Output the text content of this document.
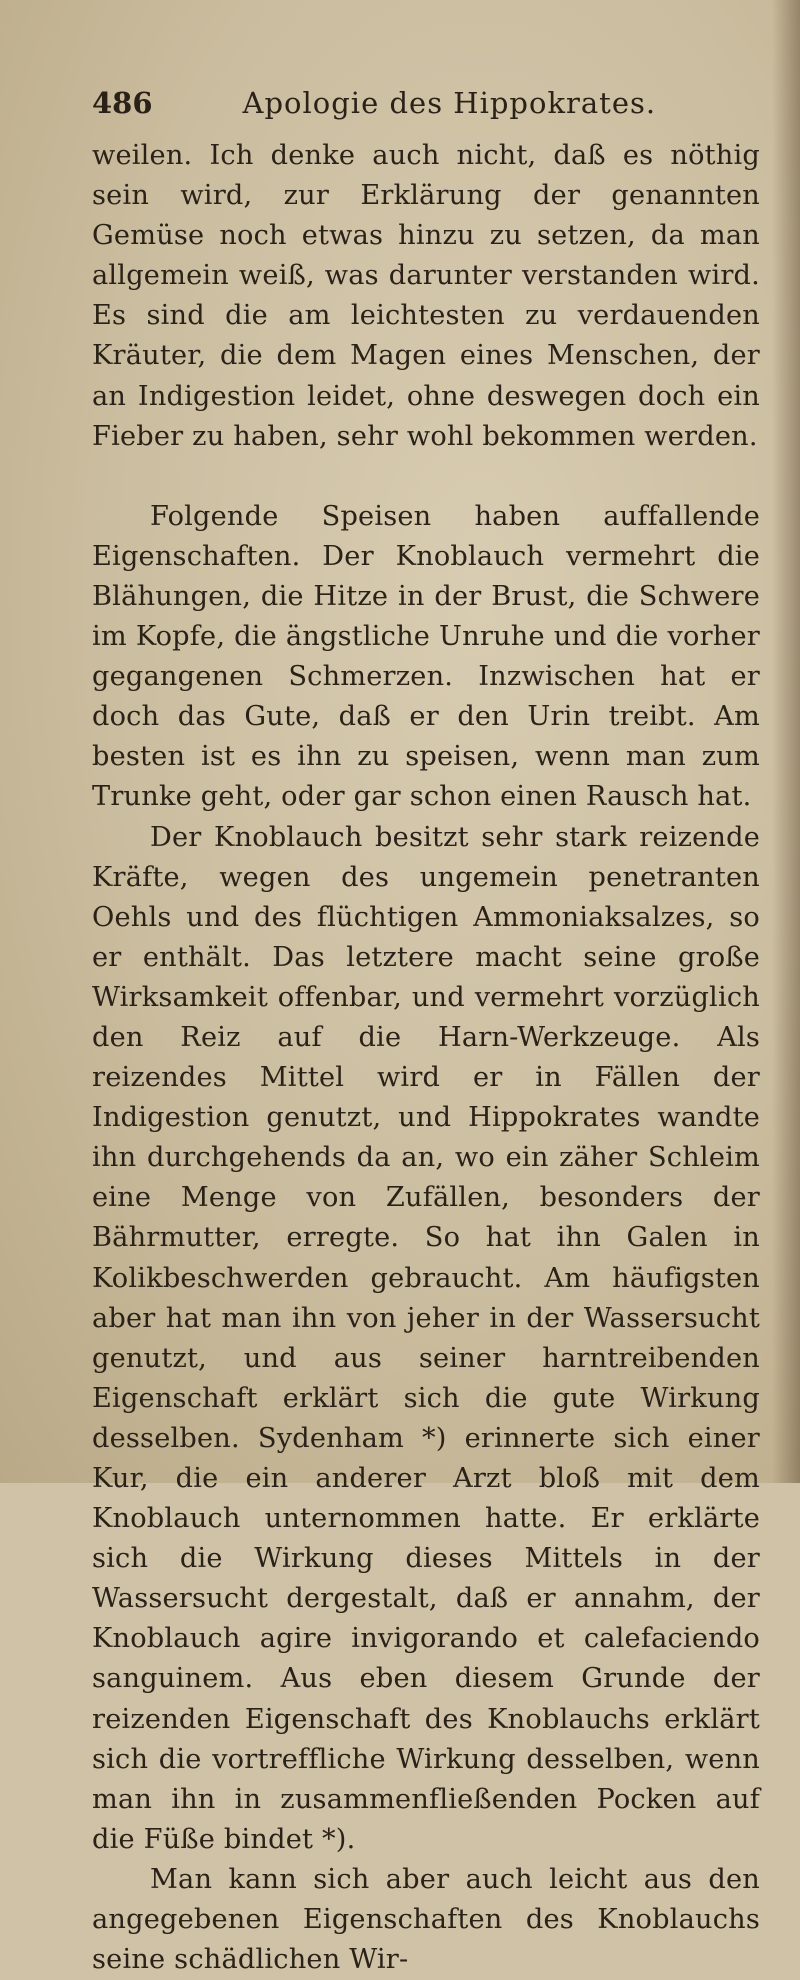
486	Apologie des Hippokrates.

weilen. Ich denke auch nicht, daß es nöthig sein wird, zur Erklärung der genannten Gemüse noch etwas hinzu zu setzen, da man allgemein weiß, was darunter verstanden wird. Es sind die am leichtesten zu verdauenden Kräuter, die dem Magen eines Menschen, der an Indigestion leidet, ohne deswegen doch ein Fieber zu haben, sehr wohl bekommen werden.

Folgende Speisen haben auffallende Eigenschaften. Der Knoblauch vermehrt die Blähungen, die Hitze in der Brust, die Schwere im Kopfe, die ängstliche Unruhe und die vorher gegangenen Schmerzen. Inzwischen hat er doch das Gute, daß er den Urin treibt. Am besten ist es ihn zu speisen, wenn man zum Trunke geht, oder gar schon einen Rausch hat.

Der Knoblauch besitzt sehr stark reizende Kräfte, wegen des ungemein penetranten Oehls und des flüchtigen Ammoniaksalzes, so er enthält. Das letztere macht seine große Wirksamkeit offenbar, und vermehrt vorzüglich den Reiz auf die Harn-Werkzeuge. Als reizendes Mittel wird er in Fällen der Indigestion genutzt, und Hippokrates wandte ihn durchgehends da an, wo ein zäher Schleim eine Menge von Zufällen, besonders der Bährmutter, erregte. So hat ihn Galen in Kolikbeschwerden gebraucht. Am häufigsten aber hat man ihn von jeher in der Wassersucht genutzt, und aus seiner harntreibenden Eigenschaft erklärt sich die gute Wirkung desselben. Sydenham *) erinnerte sich einer Kur, die ein anderer Arzt bloß mit dem Knoblauch unternommen hatte. Er erklärte sich die Wirkung dieses Mittels in der Wassersucht dergestalt, daß er annahm, der Knoblauch agire invigorando et calefaciendo sanguinem. Aus eben diesem Grunde der reizenden Eigenschaft des Knoblauchs erklärt sich die vortreffliche Wirkung desselben, wenn man ihn in zusammenfließenden Pocken auf die Füße bindet *).

Man kann sich aber auch leicht aus den angegebenen Eigenschaften des Knoblauchs seine schädlichen Wir-
